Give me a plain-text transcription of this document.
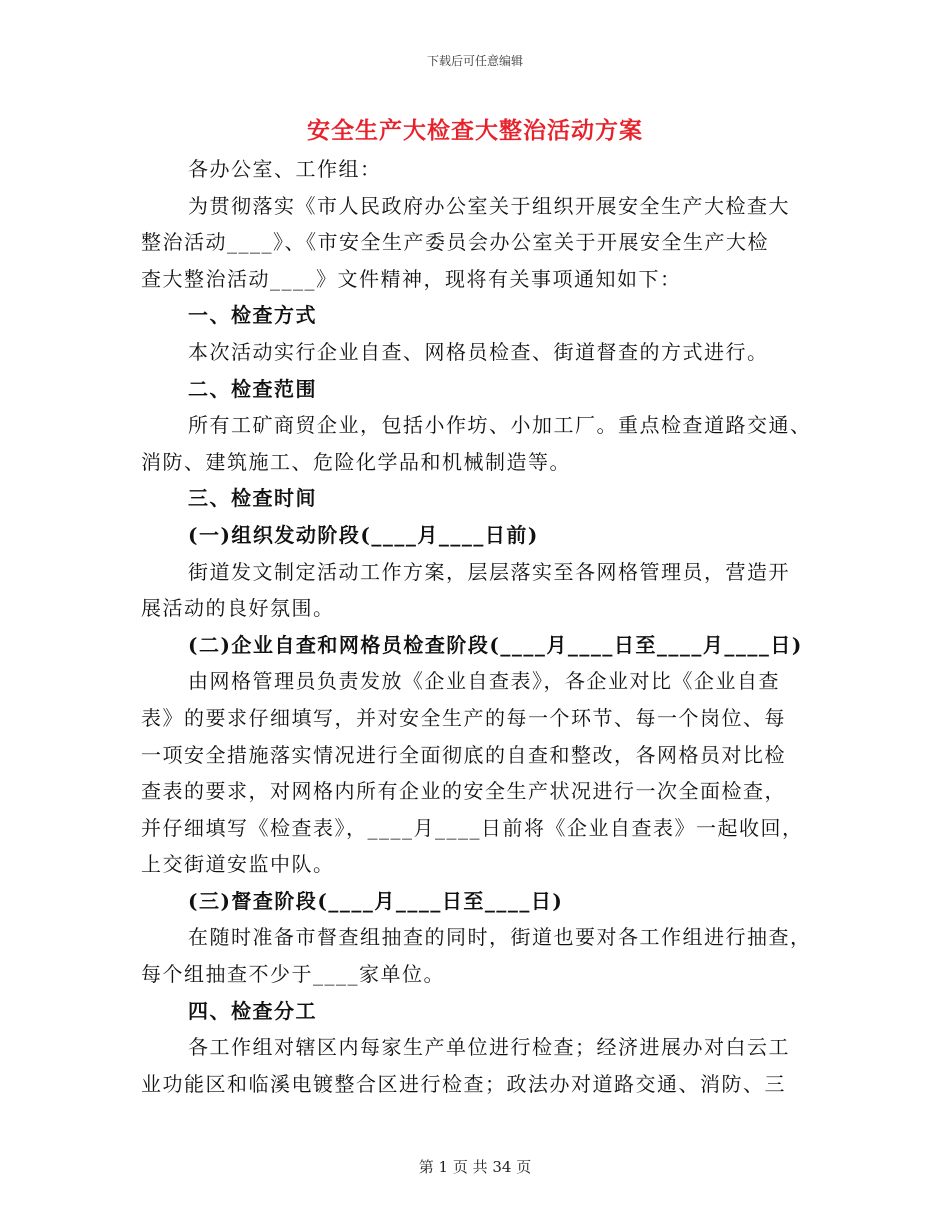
下载后可任意编辑
安全生产大检查大整治活动方案
各办公室、工作组：
为贯彻落实《市人民政府办公室关于组织开展安全生产大检查大
整治活动____》、《市安全生产委员会办公室关于开展安全生产大检
查大整治活动____》文件精神，现将有关事项通知如下：
一、检查方式
本次活动实行企业自查、网格员检查、街道督查的方式进行。
二、检查范围
所有工矿商贸企业，包括小作坊、小加工厂。重点检查道路交通、
消防、建筑施工、危险化学品和机械制造等。
三、检查时间
(一)组织发动阶段(____月____日前)
街道发文制定活动工作方案，层层落实至各网格管理员，营造开
展活动的良好氛围。
(二)企业自查和网格员检查阶段(____月____日至____月____日)
由网格管理员负责发放《企业自查表》，各企业对比《企业自查
表》的要求仔细填写，并对安全生产的每一个环节、每一个岗位、每
一项安全措施落实情况进行全面彻底的自查和整改，各网格员对比检
查表的要求，对网格内所有企业的安全生产状况进行一次全面检查，
并仔细填写《检查表》，____月____日前将《企业自查表》一起收回，
上交街道安监中队。
(三)督查阶段(____月____日至____日)
在随时准备市督查组抽查的同时，街道也要对各工作组进行抽查，
每个组抽查不少于____家单位。
四、检查分工
各工作组对辖区内每家生产单位进行检查；经济进展办对白云工
业功能区和临溪电镀整合区进行检查；政法办对道路交通、消防、三
第 1 页 共 34 页
